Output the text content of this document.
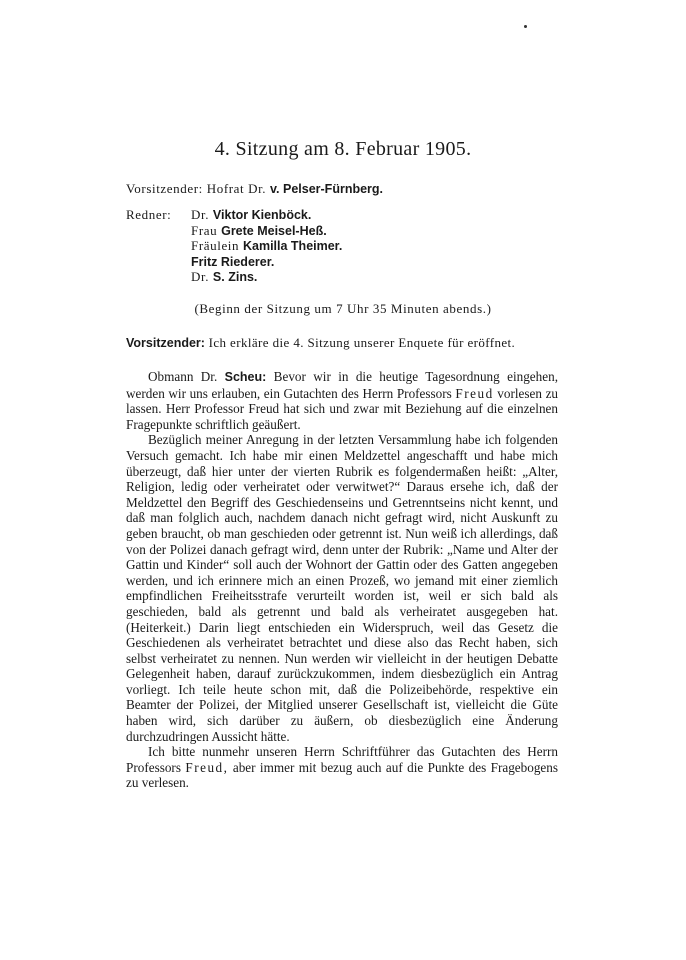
4. Sitzung am 8. Februar 1905.
Vorsitzender: Hofrat Dr. v. Pelser-Fürnberg.
Redner: Dr. Viktor Kienböck.
Frau Grete Meisel-Heß.
Fräulein Kamilla Theimer.
Fritz Riederer.
Dr. S. Zins.
(Beginn der Sitzung um 7 Uhr 35 Minuten abends.)
Vorsitzender: Ich erkläre die 4. Sitzung unserer Enquete für eröffnet.

Obmann Dr. Scheu: Bevor wir in die heutige Tagesordnung eingehen, werden wir uns erlauben, ein Gutachten des Herrn Professors Freud vorlesen zu lassen. Herr Professor Freud hat sich und zwar mit Beziehung auf die einzelnen Fragepunkte schriftlich geäußert.

Bezüglich meiner Anregung in der letzten Versammlung habe ich folgenden Versuch gemacht. Ich habe mir einen Meldzettel angeschafft und habe mich überzeugt, daß hier unter der vierten Rubrik es folgendermaßen heißt: „Alter, Religion, ledig oder verheiratet oder verwitwet?“ Daraus ersehe ich, daß der Meldzettel den Begriff des Geschiedenseins und Getrenntseins nicht kennt, und daß man folglich auch, nachdem danach nicht gefragt wird, nicht Auskunft zu geben braucht, ob man geschieden oder getrennt ist. Nun weiß ich allerdings, daß von der Polizei danach gefragt wird, denn unter der Rubrik: „Name und Alter der Gattin und Kinder“ soll auch der Wohnort der Gattin oder des Gatten angegeben werden, und ich erinnere mich an einen Prozeß, wo jemand mit einer ziemlich empfindlichen Freiheitsstrafe verurteilt worden ist, weil er sich bald als geschieden, bald als getrennt und bald als verheiratet ausgegeben hat. (Heiterkeit.) Darin liegt entschieden ein Widerspruch, weil das Gesetz die Geschiedenen als verheiratet betrachtet und diese also das Recht haben, sich selbst verheiratet zu nennen. Nun werden wir vielleicht in der heutigen Debatte Gelegenheit haben, darauf zurückzukommen, indem diesbezüglich ein Antrag vorliegt. Ich teile heute schon mit, daß die Polizeibehörde, respektive ein Beamter der Polizei, der Mitglied unserer Gesellschaft ist, vielleicht die Güte haben wird, sich darüber zu äußern, ob diesbezüglich eine Änderung durchzudringen Aussicht hätte.

Ich bitte nunmehr unseren Herrn Schriftführer das Gutachten des Herrn Professors Freud, aber immer mit bezug auch auf die Punkte des Fragebogens zu verlesen.
